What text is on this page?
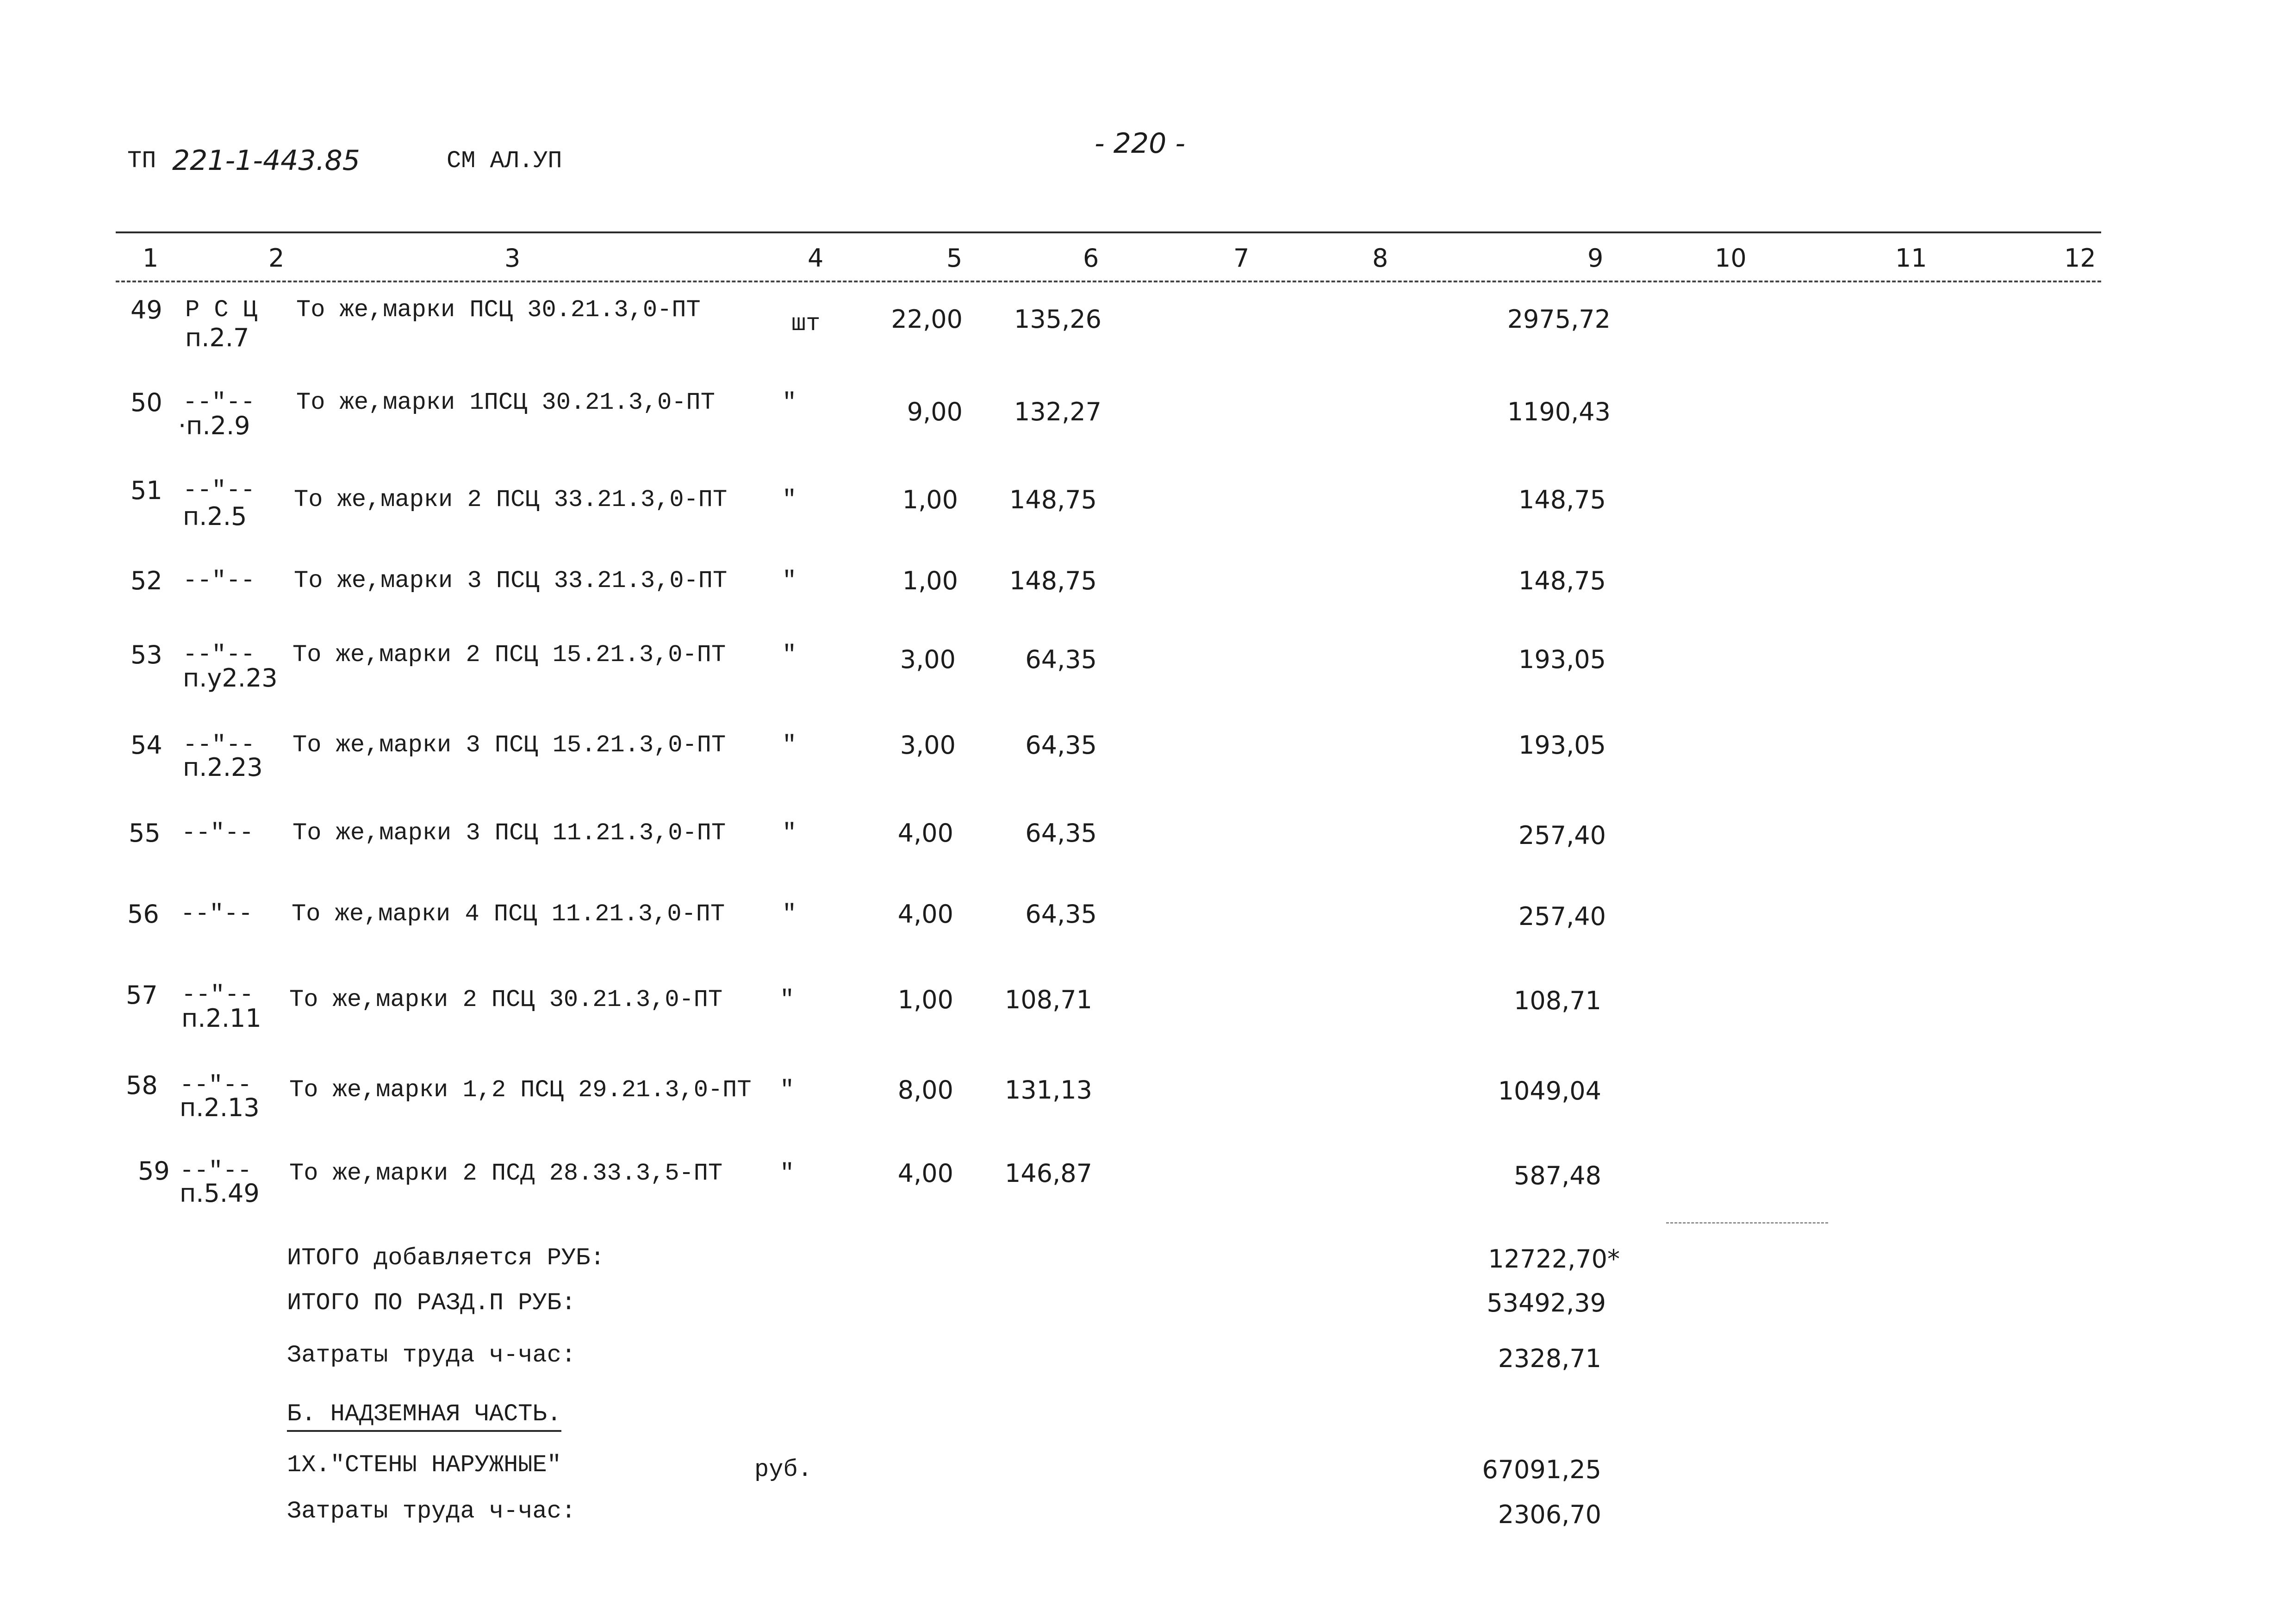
ТП 221-1-443.85	СМ АЛ.УП
- 220 -
1	2	3	4	5	6	7	8	9	10	11	12
49 Р С Ц
п.2.7
То же,марки ПСЦ 30.21.3,0-ПТ
шт	22,00	135,26	2975,72
50 --"--
·п.2.9
То же,марки 1ПСЦ 30.21.3,0-ПТ	"	9,00	132,27	1190,43
51 --"--
п.2.5
То же,марки 2 ПСЦ 33.21.3,0-ПТ "	1,00	148,75	148,75
52 --"-- То же,марки 3 ПСЦ 33.21.3,0-ПТ "	1,00	148,75	148,75
53 --"--
п.у2.23
То же,марки 2 ПСЦ 15.21.3,0-ПТ "	3,00	64,35	193,05
54 --"--
п.2.23
То же,марки 3 ПСЦ 15.21.3,0-ПТ "	3,00	64,35	193,05
55 --"-- То же,марки 3 ПСЦ 11.21.3,0-ПТ "	4,00	64,35	257,40
56 --"-- То же,марки 4 ПСЦ 11.21.3,0-ПТ "	4,00	64,35	257,40
57 --"--
п.2.11
То же,марки 2 ПСЦ 30.21.3,0-ПТ "	1,00	108,71	108,71
58 --"--
п.2.13
То же,марки 1,2 ПСЦ 29.21.3,0-ПТ "	8,00	131,13	1049,04
59 --"--
п.5.49
То же,марки 2 ПСД 28.33.3,5-ПТ "	4,00	146,87	587,48
ИТОГО добавляется РУБ:	12722,70*
ИТОГО ПО РАЗД.П РУБ:	53492,39
Затраты труда ч-час:	2328,71
Б. НАДЗЕМНАЯ ЧАСТЬ.
1Х."СТЕНЫ НАРУЖНЫЕ"	руб.	67091,25
Затраты труда ч-час:	2306,70
